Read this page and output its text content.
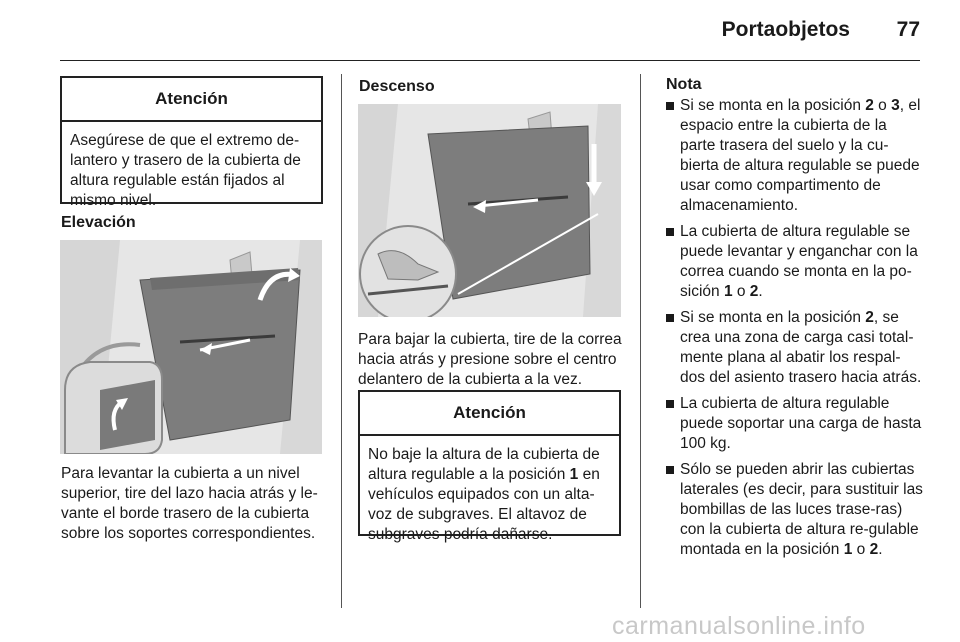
Portaobjetos	77
Atención
Asegúrese de que el extremo de-lantero y trasero de la cubierta de altura regulable están fijados al mismo nivel.
Elevación
Para levantar la cubierta a un nivel superior, tire del lazo hacia atrás y le-vante el borde trasero de la cubierta sobre los soportes correspondientes.
Descenso
Para bajar la cubierta, tire de la correa hacia atrás y presione sobre el centro delantero de la cubierta a la vez.
Atención
No baje la altura de la cubierta de altura regulable a la posición 1 en vehículos equipados con un alta-voz de subgraves. El altavoz de subgraves podría dañarse.
Nota
Si se monta en la posición 2 o 3, el espacio entre la cubierta de la parte trasera del suelo y la cu-bierta de altura regulable se puede usar como compartimento de almacenamiento.
La cubierta de altura regulable se puede levantar y enganchar con la correa cuando se monta en la po-sición 1 o 2.
Si se monta en la posición 2, se crea una zona de carga casi total-mente plana al abatir los respal-dos del asiento trasero hacia atrás.
La cubierta de altura regulable puede soportar una carga de hasta 100 kg.
Sólo se pueden abrir las cubiertas laterales (es decir, para sustituir las bombillas de las luces trase-ras) con la cubierta de altura re-gulable montada en la posición 1 o 2.
carmanualsonline.info
